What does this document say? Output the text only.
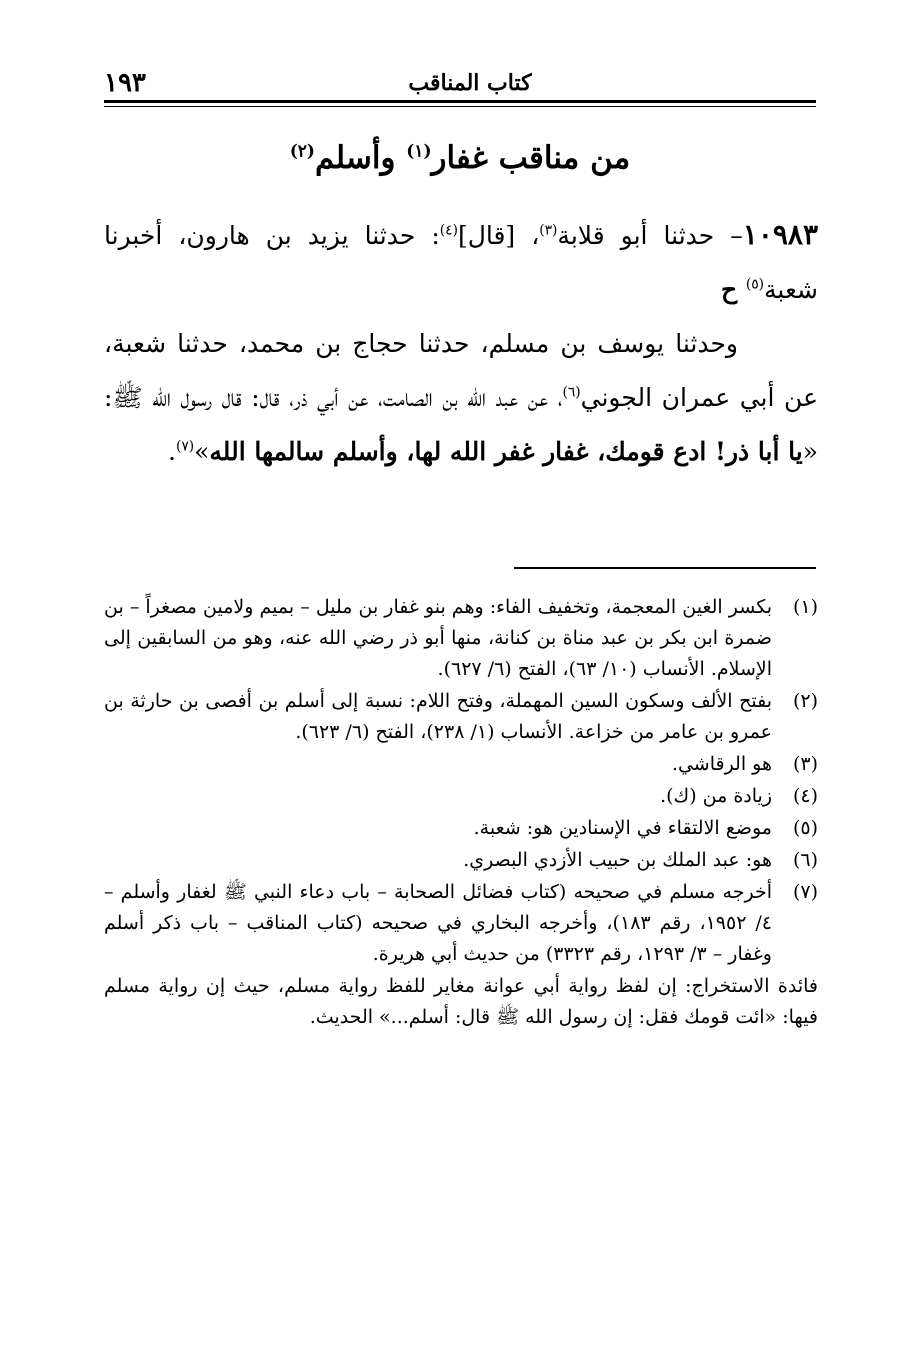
كتاب المناقب
١٩٣
من مناقب غفار$^{(١)}$ وأسلم$^{(٢)}$

١٠٩٨٣– حدثنا أبو قلابة$^{(٣)}$، [قال]$^{(٤)}$: حدثنا يزيد بن هارون، أخبرنا شعبة$^{(٥)}$ ح

وحدثنا يوسف بن مسلم، حدثنا حجاج بن محمد، حدثنا شعبة، عن أبي عمران الجوني$^{(٦)}$، عن عبد الله بن الصامت، عن أبي ذر، قال: قال رسول الله ﷺ: «يا أبا ذر! ادع قومك، غفار غفر الله لها، وأسلم سالمها الله»$^{(٧)}$.

(١)
بكسر الغين المعجمة، وتخفيف الفاء: وهم بنو غفار بن مليل – بميم ولامين مصغراً – بن ضمرة ابن بكر بن عبد مناة بن كنانة، منها أبو ذر رضي الله عنه، وهو من السابقين إلى الإسلام. الأنساب (١٠/ ٦٣)، الفتح (٦/ ٦٢٧).
(٢)
بفتح الألف وسكون السين المهملة، وفتح اللام: نسبة إلى أسلم بن أفصى بن حارثة بن عمرو بن عامر من خزاعة. الأنساب (١/ ٢٣٨)، الفتح (٦/ ٦٢٣).
(٣)
هو الرقاشي.
(٤)
زيادة من (ك).
(٥)
موضع الالتقاء في الإسنادين هو: شعبة.
(٦)
هو: عبد الملك بن حبيب الأزدي البصري.
(٧)
أخرجه مسلم في صحيحه (كتاب فضائل الصحابة – باب دعاء النبي ﷺ لغفار وأسلم – ٤/ ١٩٥٢، رقم ١٨٣)، وأخرجه البخاري في صحيحه (كتاب المناقب – باب ذكر أسلم وغفار – ٣/ ١٢٩٣، رقم ٣٣٢٣) من حديث أبي هريرة.
فائدة الاستخراج: إن لفظ رواية أبي عوانة مغاير للفظ رواية مسلم، حيث إن رواية مسلم فيها: «ائت قومك فقل: إن رسول الله ﷺ قال: أسلم...» الحديث.
